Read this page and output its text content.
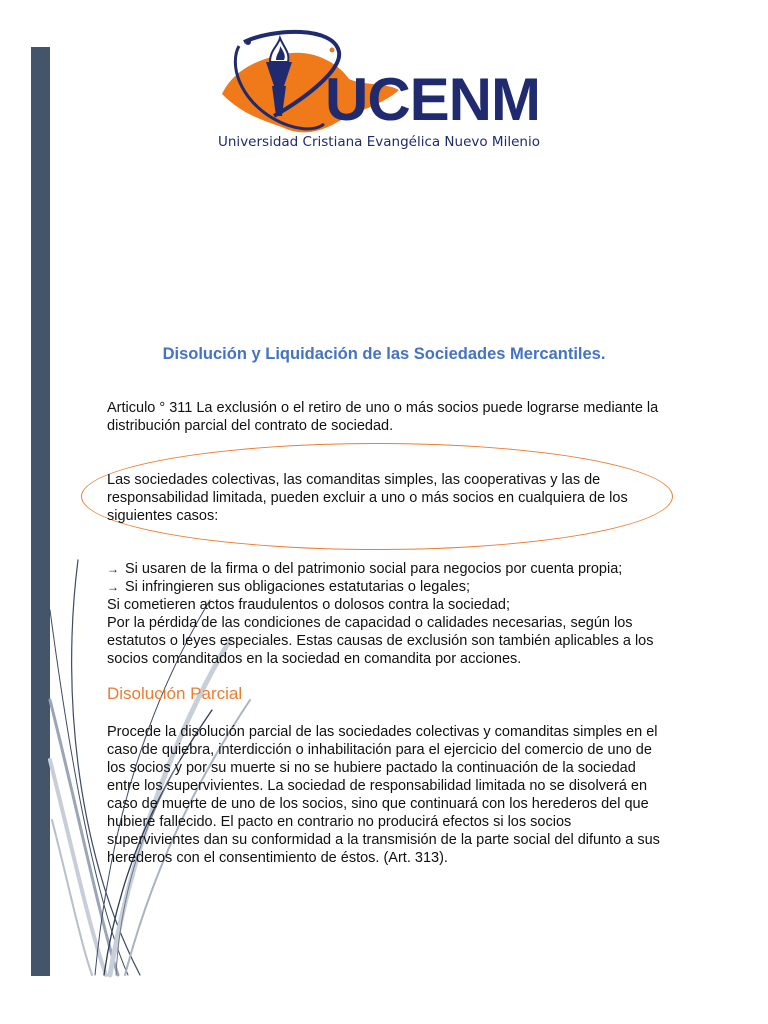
UCENM
Universidad Cristiana Evangélica Nuevo Milenio
Disolución y Liquidación de las Sociedades Mercantiles.

Articulo ° 311 La exclusión o el retiro de uno o más socios puede lograrse mediante la distribución parcial del contrato de sociedad.

Las sociedades colectivas, las comanditas simples, las cooperativas y las de responsabilidad limitada, pueden excluir a uno o más socios en cualquiera de los siguientes casos:

→ Si usaren de la firma o del patrimonio social para negocios por cuenta propia;
→ Si infringieren sus obligaciones estatutarias o legales;
Si cometieren actos fraudulentos o dolosos contra la sociedad;
Por la pérdida de las condiciones de capacidad o calidades necesarias, según los estatutos o leyes especiales. Estas causas de exclusión son también aplicables a los socios comanditados en la sociedad en comandita por acciones.
Disolución Parcial

Procede la disolución parcial de las sociedades colectivas y comanditas simples en el caso de quiebra, interdicción o inhabilitación para el ejercicio del comercio de uno de los socios y por su muerte si no se hubiere pactado la continuación de la sociedad entre los supervivientes. La sociedad de responsabilidad limitada no se disolverá en caso de muerte de uno de los socios, sino que continuará con los herederos del que hubiere fallecido. El pacto en contrario no producirá efectos si los socios supervivientes dan su conformidad a la transmisión de la parte social del difunto a sus herederos con el consentimiento de éstos. (Art. 313).
